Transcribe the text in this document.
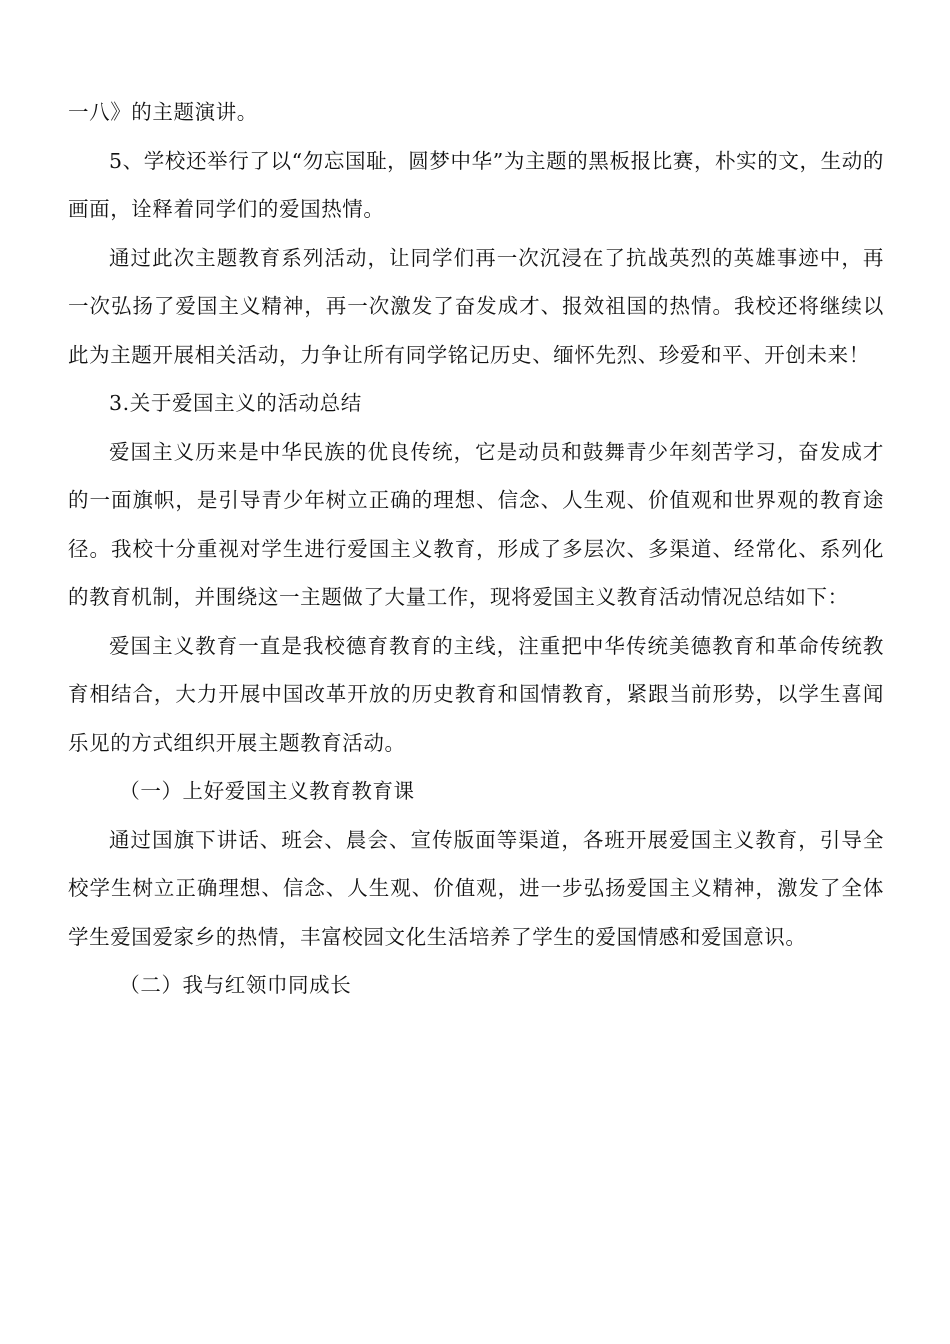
一八》的主题演讲。

5、学校还举行了以“勿忘国耻，圆梦中华”为主题的黑板报比赛，朴实的文，生动的画面，诠释着同学们的爱国热情。

通过此次主题教育系列活动，让同学们再一次沉浸在了抗战英烈的英雄事迹中，再一次弘扬了爱国主义精神，再一次激发了奋发成才、报效祖国的热情。我校还将继续以此为主题开展相关活动，力争让所有同学铭记历史、缅怀先烈、珍爱和平、开创未来！

3.关于爱国主义的活动总结

爱国主义历来是中华民族的优良传统，它是动员和鼓舞青少年刻苦学习，奋发成才的一面旗帜，是引导青少年树立正确的理想、信念、人生观、价值观和世界观的教育途径。我校十分重视对学生进行爱国主义教育，形成了多层次、多渠道、经常化、系列化的教育机制，并围绕这一主题做了大量工作，现将爱国主义教育活动情况总结如下：

爱国主义教育一直是我校德育教育的主线，注重把中华传统美德教育和革命传统教育相结合，大力开展中国改革开放的历史教育和国情教育，紧跟当前形势，以学生喜闻乐见的方式组织开展主题教育活动。

（一）上好爱国主义教育教育课

通过国旗下讲话、班会、晨会、宣传版面等渠道，各班开展爱国主义教育，引导全校学生树立正确理想、信念、人生观、价值观，进一步弘扬爱国主义精神，激发了全体学生爱国爱家乡的热情，丰富校园文化生活培养了学生的爱国情感和爱国意识。

（二）我与红领巾同成长
